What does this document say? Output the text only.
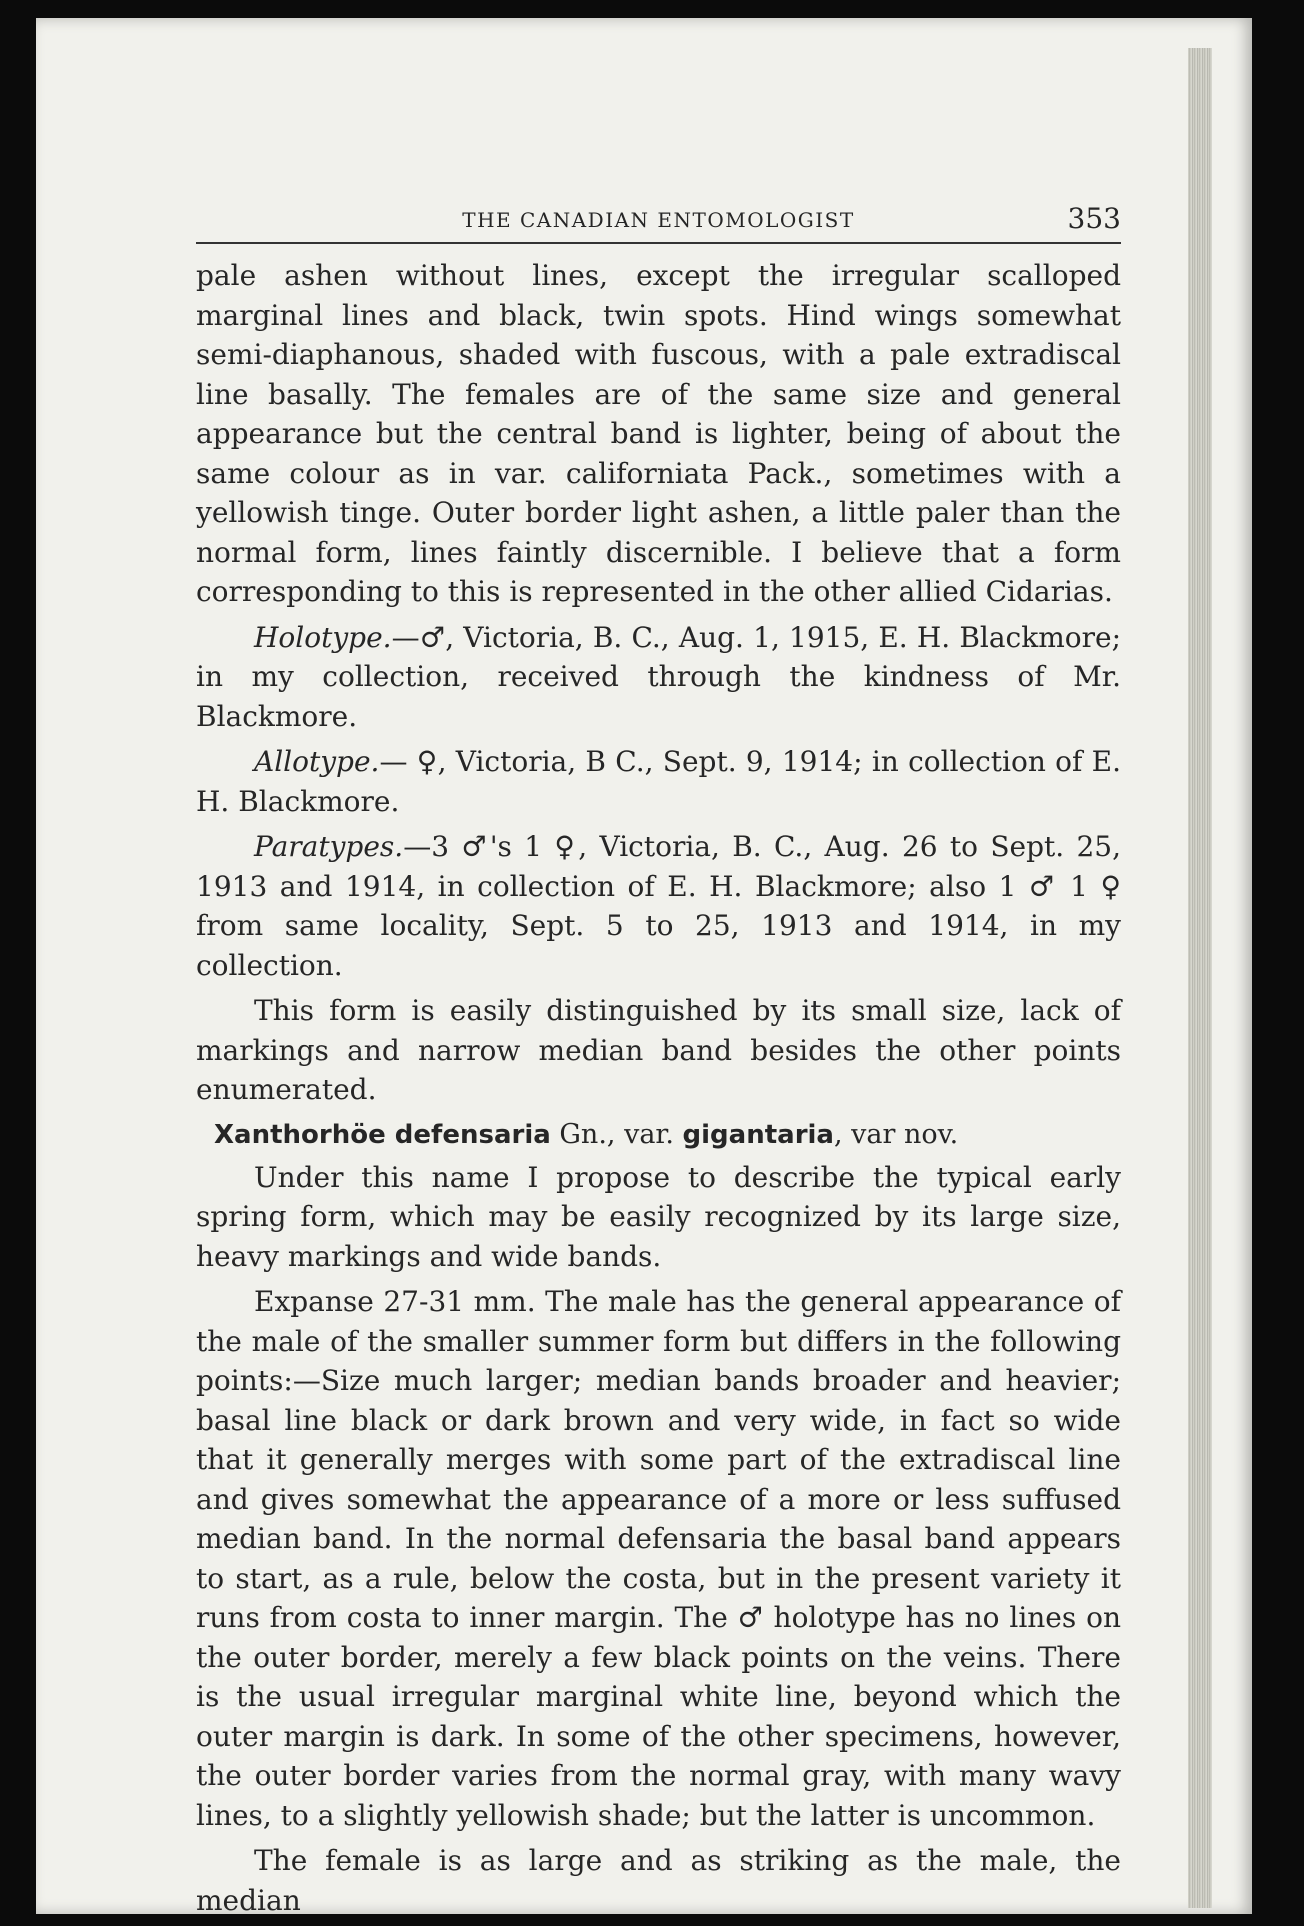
THE CANADIAN ENTOMOLOGIST	353

pale ashen without lines, except the irregular scalloped marginal lines and black, twin spots. Hind wings somewhat semi-diaphanous, shaded with fuscous, with a pale extradiscal line basally. The females are of the same size and general appearance but the central band is lighter, being of about the same colour as in var. californiata Pack., sometimes with a yellowish tinge. Outer border light ashen, a little paler than the normal form, lines faintly discernible. I believe that a form corresponding to this is represented in the other allied Cidarias.

Holotype.—♂, Victoria, B. C., Aug. 1, 1915, E. H. Blackmore; in my collection, received through the kindness of Mr. Blackmore.

Allotype.— ♀, Victoria, B C., Sept. 9, 1914; in collection of E. H. Blackmore.

Paratypes.—3 ♂'s 1 ♀, Victoria, B. C., Aug. 26 to Sept. 25, 1913 and 1914, in collection of E. H. Blackmore; also 1 ♂ 1 ♀ from same locality, Sept. 5 to 25, 1913 and 1914, in my collection.

This form is easily distinguished by its small size, lack of markings and narrow median band besides the other points enumerated.

Xanthorhöe defensaria Gn., var. gigantaria, var nov.

Under this name I propose to describe the typical early spring form, which may be easily recognized by its large size, heavy markings and wide bands.

Expanse 27-31 mm. The male has the general appearance of the male of the smaller summer form but differs in the following points:—Size much larger; median bands broader and heavier; basal line black or dark brown and very wide, in fact so wide that it generally merges with some part of the extradiscal line and gives somewhat the appearance of a more or less suffused median band. In the normal defensaria the basal band appears to start, as a rule, below the costa, but in the present variety it runs from costa to inner margin. The ♂ holotype has no lines on the outer border, merely a few black points on the veins. There is the usual irregular marginal white line, beyond which the outer margin is dark. In some of the other specimens, however, the outer border varies from the normal gray, with many wavy lines, to a slightly yellowish shade; but the latter is uncommon.

The female is as large and as striking as the male, the median
